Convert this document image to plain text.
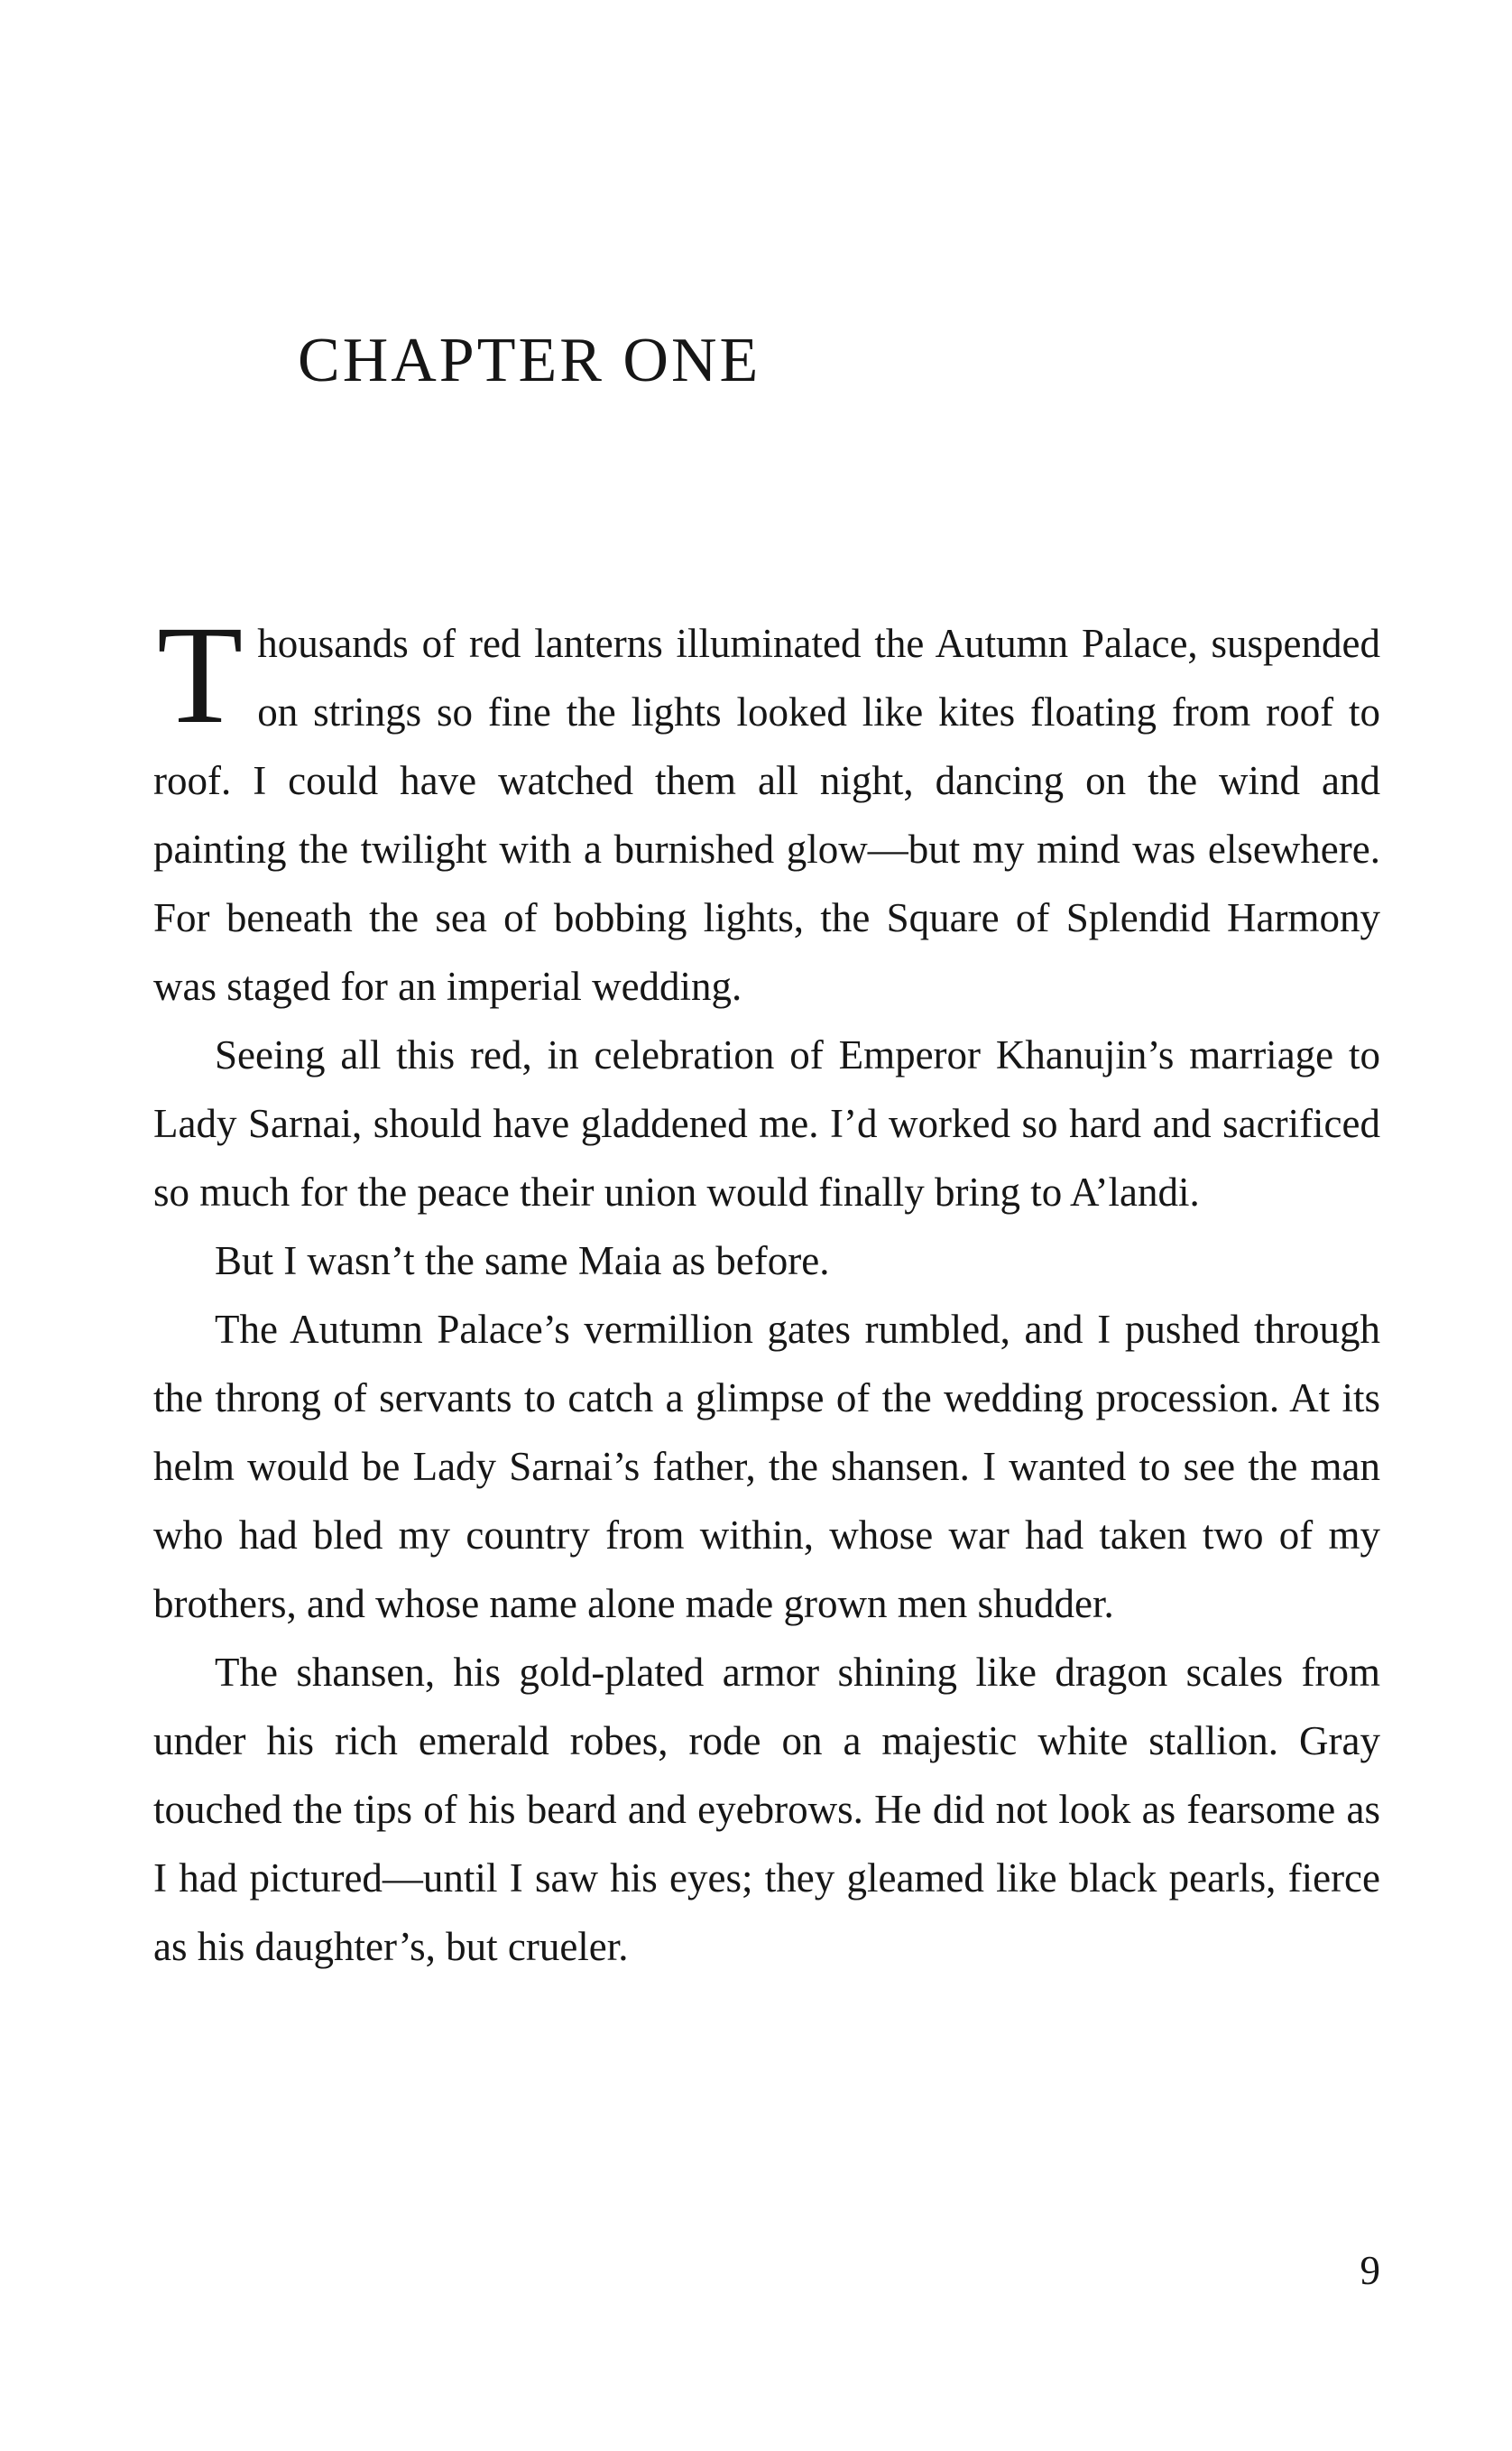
CHAPTER ONE

Thousands of red lanterns illuminated the Autumn Palace, suspended on strings so fine the lights looked like kites floating from roof to roof. I could have watched them all night, dancing on the wind and painting the twilight with a burnished glow—but my mind was elsewhere. For beneath the sea of bobbing lights, the Square of Splendid Harmony was staged for an imperial wedding.

Seeing all this red, in celebration of Emperor Khanujin’s marriage to Lady Sarnai, should have gladdened me. I’d worked so hard and sacrificed so much for the peace their union would finally bring to A’landi.

But I wasn’t the same Maia as before.

The Autumn Palace’s vermillion gates rumbled, and I pushed through the throng of servants to catch a glimpse of the wedding procession. At its helm would be Lady Sarnai’s father, the shansen. I wanted to see the man who had bled my country from within, whose war had taken two of my brothers, and whose name alone made grown men shudder.

The shansen, his gold-plated armor shining like dragon scales from under his rich emerald robes, rode on a majestic white stallion. Gray touched the tips of his beard and eyebrows. He did not look as fearsome as I had pictured—until I saw his eyes; they gleamed like black pearls, fierce as his daughter’s, but crueler.

9
